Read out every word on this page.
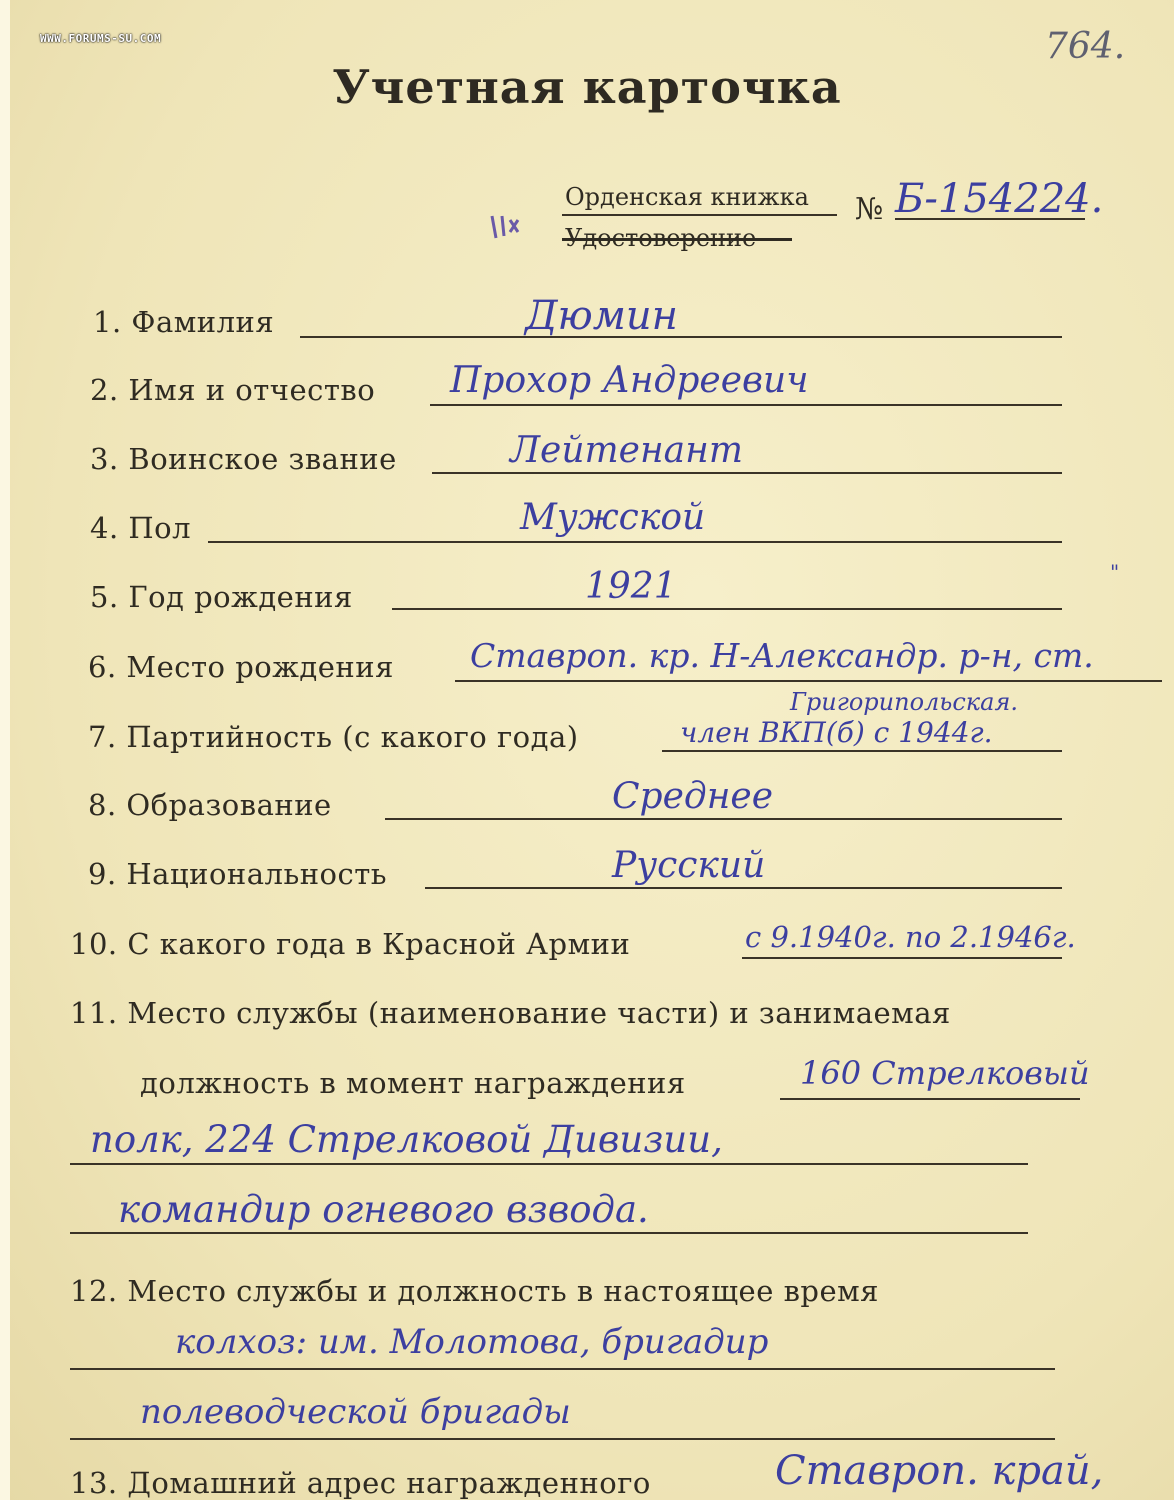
WWW.FORUMS-SU.COM	764.
Учетная карточка
Орденская книжка
Удостоверение
№ Б-154224.
1. Фамилия	Дюмин
2. Имя и отчество Прохор Андреевич
3. Воинское звание	Лейтенант
4. Пол	Мужской
5. Год рождения	1921	"
6. Место рождения Ставроп. кр. Н-Александр. р-н, ст.
Григорипольская.
7. Партийность (с какого года)	член ВКП(б) с 1944г.
8. Образование	Среднее
9. Национальность	Русский
10. С какого года в Красной Армии	с 9.1940г. по 2.1946г.
11. Место службы (наименование части) и занимаемая
должность в момент награждения	160 Стрелковый
полк, 224 Стрелковой Дивизии,
командир огневого взвода.
12. Место службы и должность в настоящее время
колхоз: им. Молотова, бригадир
полеводческой бригады
13. Домашний адрес награжденного	Ставроп. край,
